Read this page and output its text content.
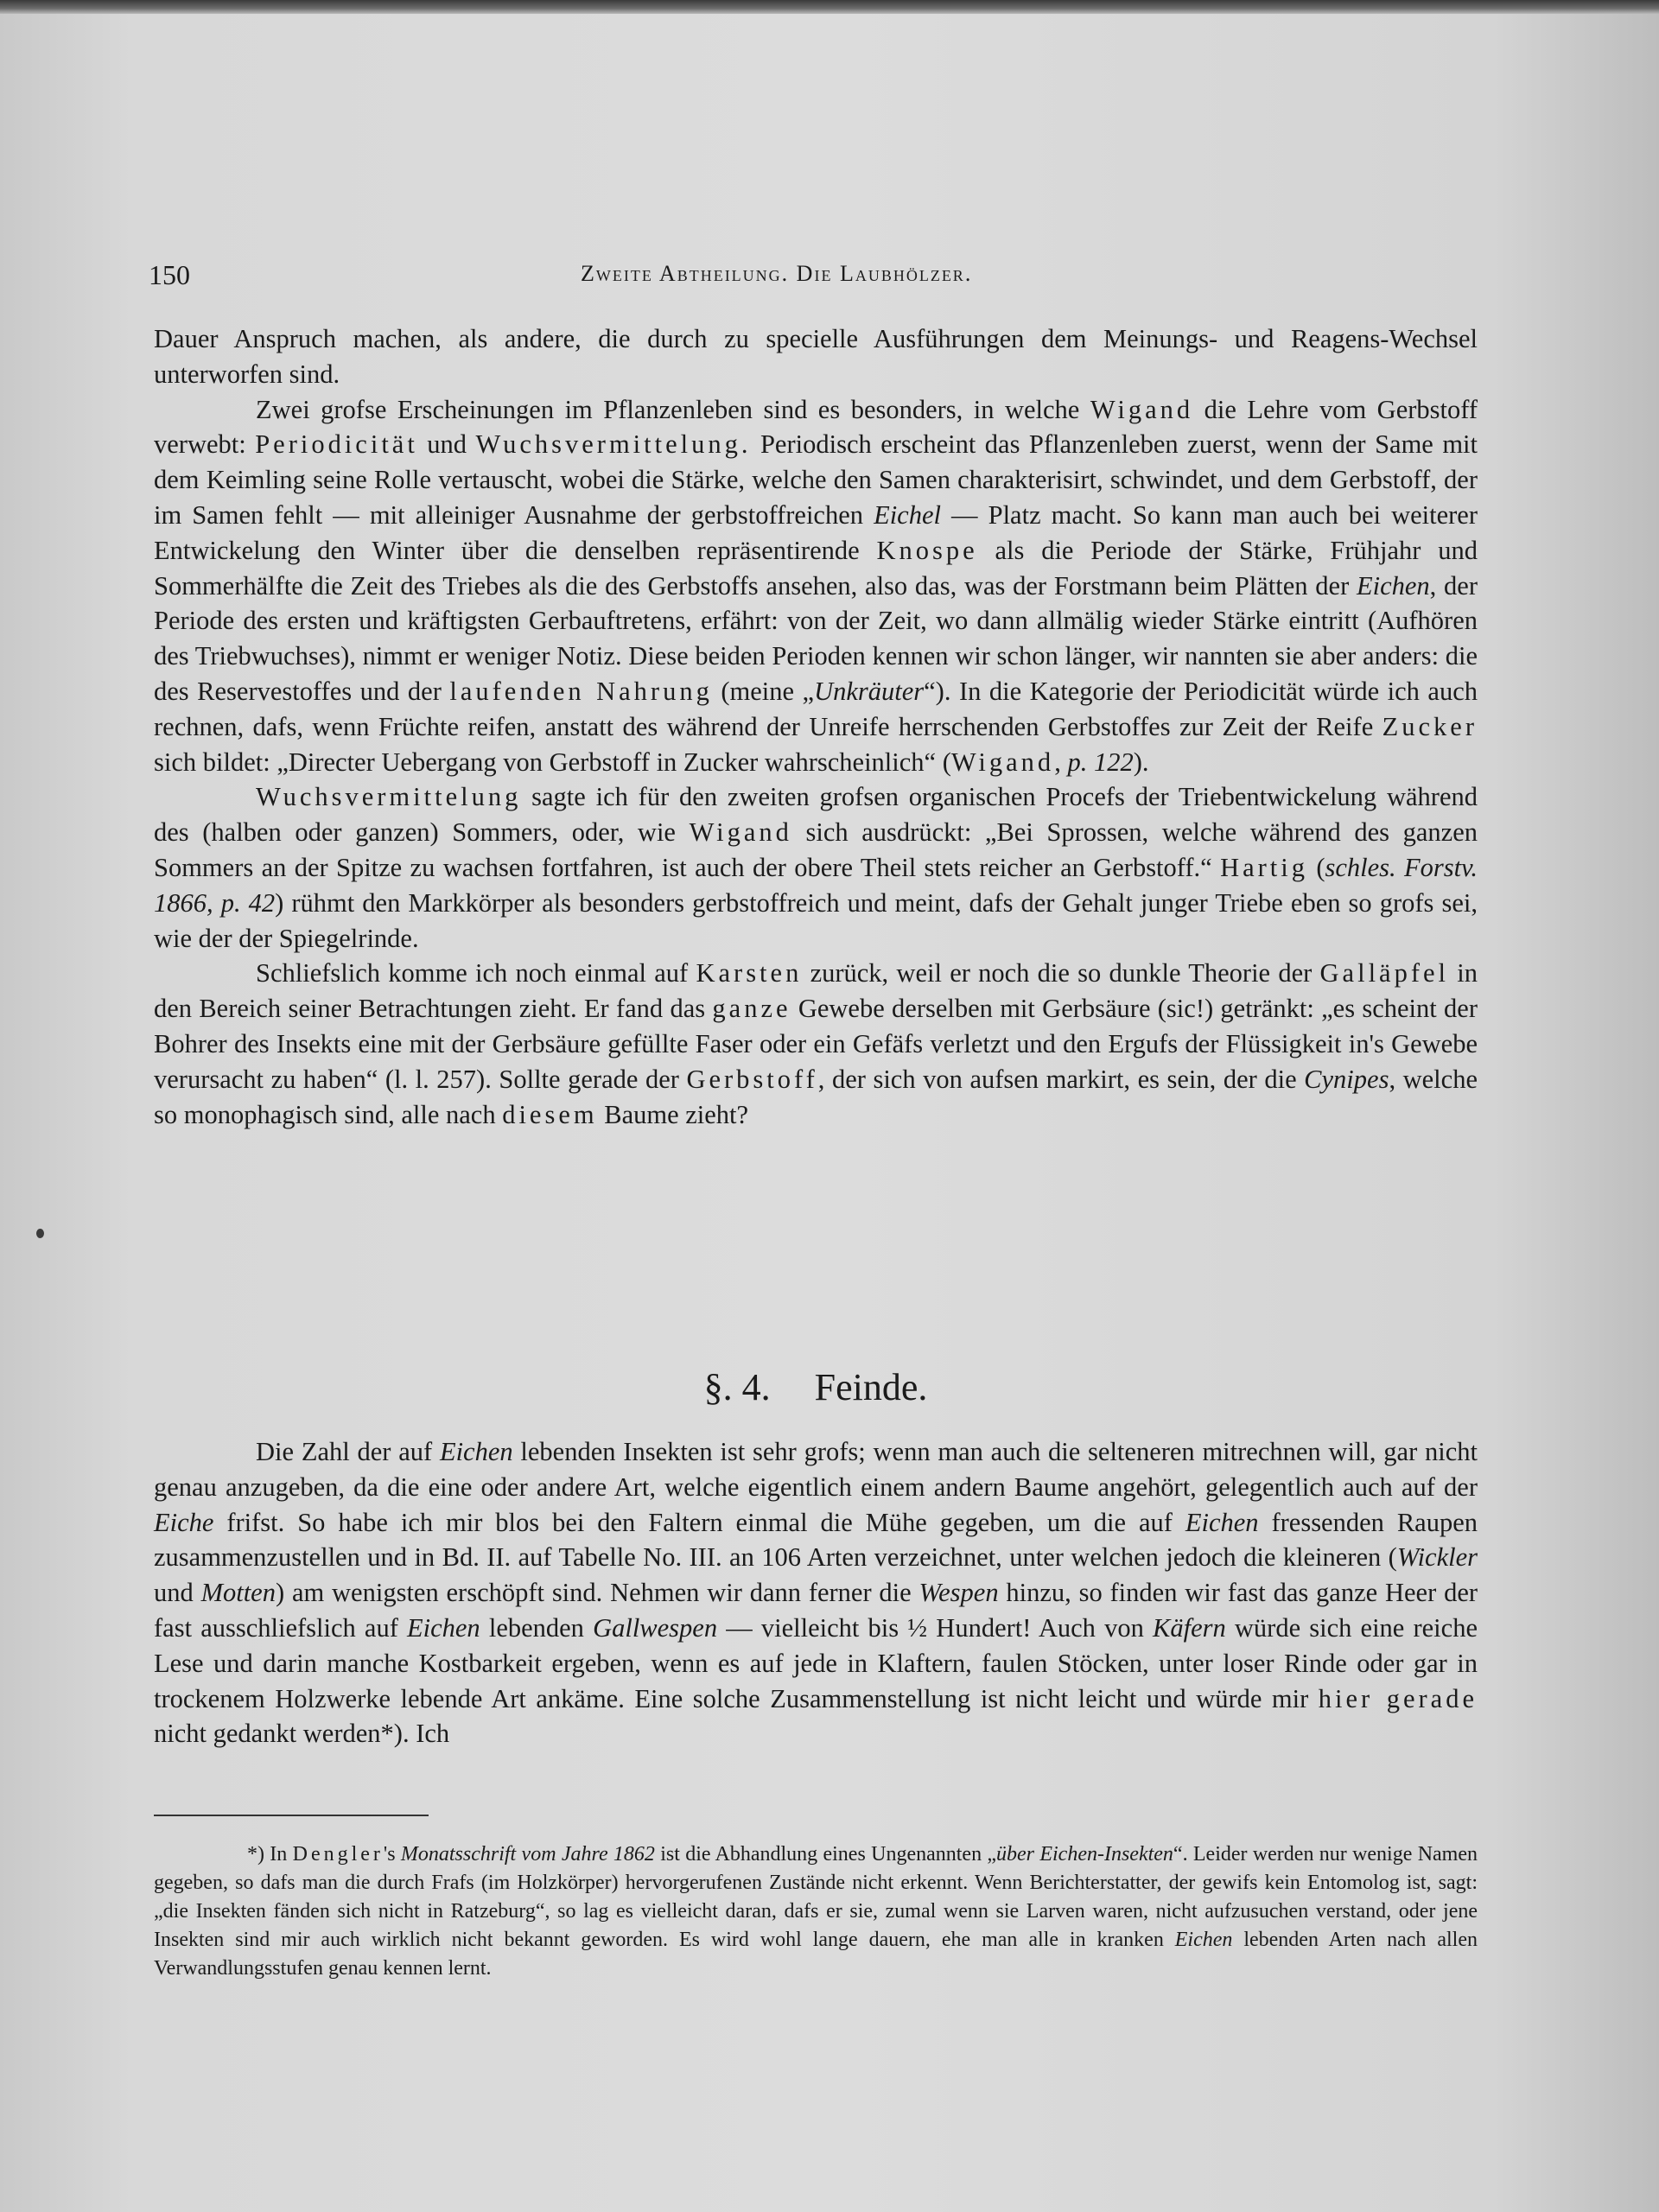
150	Zweite Abtheilung. Die Laubhölzer.

Dauer Anspruch machen, als andere, die durch zu specielle Ausführungen dem Meinungs- und Reagens-Wechsel unterworfen sind.

Zwei grofse Erscheinungen im Pflanzenleben sind es besonders, in welche Wigand die Lehre vom Gerbstoff verwebt: Periodicität und Wuchsvermittelung. Periodisch erscheint das Pflanzenleben zuerst, wenn der Same mit dem Keimling seine Rolle vertauscht, wobei die Stärke, welche den Samen charakterisirt, schwindet, und dem Gerbstoff, der im Samen fehlt — mit alleiniger Ausnahme der gerbstoffreichen Eichel — Platz macht. So kann man auch bei weiterer Entwickelung den Winter über die denselben repräsentirende Knospe als die Periode der Stärke, Frühjahr und Sommerhälfte die Zeit des Triebes als die des Gerbstoffs ansehen, also das, was der Forstmann beim Plätten der Eichen, der Periode des ersten und kräftigsten Gerbauftretens, erfährt: von der Zeit, wo dann allmälig wieder Stärke eintritt (Aufhören des Triebwuchses), nimmt er weniger Notiz. Diese beiden Perioden kennen wir schon länger, wir nannten sie aber anders: die des Reservestoffes und der laufenden Nahrung (meine „Unkräuter“). In die Kategorie der Periodicität würde ich auch rechnen, dafs, wenn Früchte reifen, anstatt des während der Unreife herrschenden Gerbstoffes zur Zeit der Reife Zucker sich bildet: „Directer Uebergang von Gerbstoff in Zucker wahrscheinlich“ (Wigand, p. 122).

Wuchsvermittelung sagte ich für den zweiten grofsen organischen Procefs der Triebentwickelung während des (halben oder ganzen) Sommers, oder, wie Wigand sich ausdrückt: „Bei Sprossen, welche während des ganzen Sommers an der Spitze zu wachsen fortfahren, ist auch der obere Theil stets reicher an Gerbstoff.“ Hartig (schles. Forstv. 1866, p. 42) rühmt den Markkörper als besonders gerbstoffreich und meint, dafs der Gehalt junger Triebe eben so grofs sei, wie der der Spiegelrinde.

Schliefslich komme ich noch einmal auf Karsten zurück, weil er noch die so dunkle Theorie der Galläpfel in den Bereich seiner Betrachtungen zieht. Er fand das ganze Gewebe derselben mit Gerbsäure (sic!) getränkt: „es scheint der Bohrer des Insekts eine mit der Gerbsäure gefüllte Faser oder ein Gefäfs verletzt und den Ergufs der Flüssigkeit in's Gewebe verursacht zu haben“ (l. l. 257). Sollte gerade der Gerbstoff, der sich von aufsen markirt, es sein, der die Cynipes, welche so monophagisch sind, alle nach diesem Baume zieht?

§. 4. Feinde.

Die Zahl der auf Eichen lebenden Insekten ist sehr grofs; wenn man auch die selteneren mitrechnen will, gar nicht genau anzugeben, da die eine oder andere Art, welche eigentlich einem andern Baume angehört, gelegentlich auch auf der Eiche frifst. So habe ich mir blos bei den Faltern einmal die Mühe gegeben, um die auf Eichen fressenden Raupen zusammenzustellen und in Bd. II. auf Tabelle No. III. an 106 Arten verzeichnet, unter welchen jedoch die kleineren (Wickler und Motten) am wenigsten erschöpft sind. Nehmen wir dann ferner die Wespen hinzu, so finden wir fast das ganze Heer der fast ausschliefslich auf Eichen lebenden Gallwespen — vielleicht bis ½ Hundert! Auch von Käfern würde sich eine reiche Lese und darin manche Kostbarkeit ergeben, wenn es auf jede in Klaftern, faulen Stöcken, unter loser Rinde oder gar in trockenem Holzwerke lebende Art ankäme. Eine solche Zusammenstellung ist nicht leicht und würde mir hier gerade nicht gedankt werden*). Ich

*) In Dengler's Monatsschrift vom Jahre 1862 ist die Abhandlung eines Ungenannten „über Eichen-Insekten“. Leider werden nur wenige Namen gegeben, so dafs man die durch Frafs (im Holzkörper) hervorgerufenen Zustände nicht erkennt. Wenn Berichterstatter, der gewifs kein Entomolog ist, sagt: „die Insekten fänden sich nicht in Ratzeburg“, so lag es vielleicht daran, dafs er sie, zumal wenn sie Larven waren, nicht aufzusuchen verstand, oder jene Insekten sind mir auch wirklich nicht bekannt geworden. Es wird wohl lange dauern, ehe man alle in kranken Eichen lebenden Arten nach allen Verwandlungsstufen genau kennen lernt.
